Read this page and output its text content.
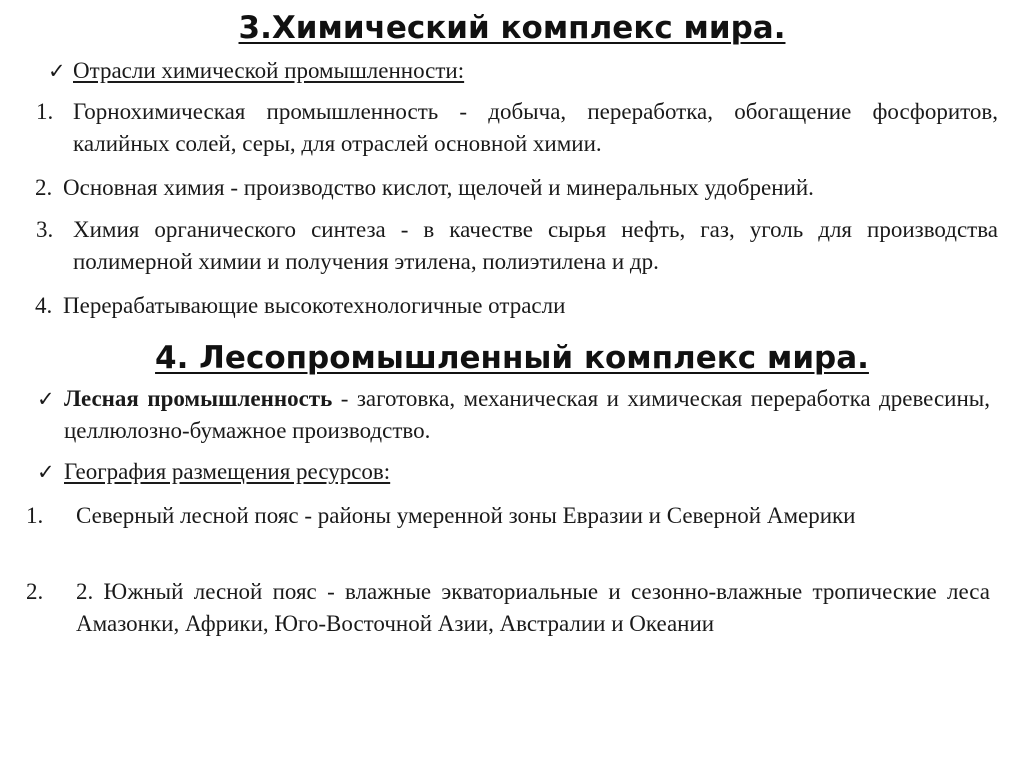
3.Химический комплекс мира.
✓ Отрасли химической промышленности:
1. Горнохимическая промышленность - добыча, переработка, обогащение фосфоритов, калийных солей, серы, для отраслей основной химии.
2. Основная химия - производство кислот, щелочей и минеральных удобрений.
3. Химия органического синтеза - в качестве сырья нефть, газ, уголь для производства полимерной химии и получения этилена, полиэтилена и др.
4. Перерабатывающие высокотехнологичные отрасли
4. Лесопромышленный комплекс мира.
✓ Лесная промышленность - заготовка, механическая и химическая переработка древесины, целлюлозно-бумажное производство.
✓ География размещения ресурсов:
1. Северный лесной пояс - районы умеренной зоны Евразии и Северной Америки
2. 2. Южный лесной пояс - влажные экваториальные и сезонно-влажные тропические леса Амазонки, Африки, Юго-Восточной Азии, Австралии и Океании
